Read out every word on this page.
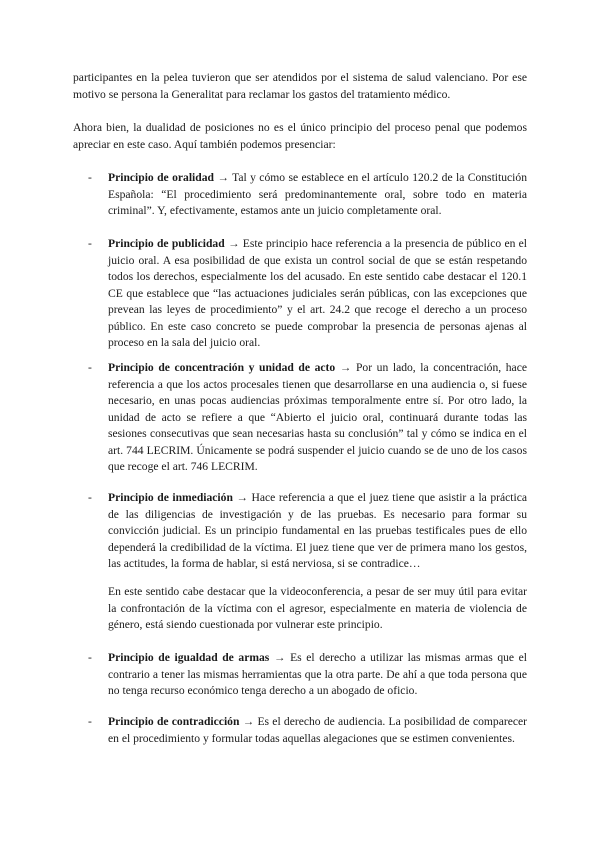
participantes en la pelea tuvieron que ser atendidos por el sistema de salud valenciano. Por ese motivo se persona la Generalitat para reclamar los gastos del tratamiento médico.

Ahora bien, la dualidad de posiciones no es el único principio del proceso penal que podemos apreciar en este caso. Aquí también podemos presenciar:

- Principio de oralidad → Tal y cómo se establece en el artículo 120.2 de la Constitución Española: “El procedimiento será predominantemente oral, sobre todo en materia criminal”. Y, efectivamente, estamos ante un juicio completamente oral.

- Principio de publicidad → Este principio hace referencia a la presencia de público en el juicio oral. A esa posibilidad de que exista un control social de que se están respetando todos los derechos, especialmente los del acusado. En este sentido cabe destacar el 120.1 CE que establece que “las actuaciones judiciales serán públicas, con las excepciones que prevean las leyes de procedimiento” y el art. 24.2 que recoge el derecho a un proceso público. En este caso concreto se puede comprobar la presencia de personas ajenas al proceso en la sala del juicio oral.

- Principio de concentración y unidad de acto → Por un lado, la concentración, hace referencia a que los actos procesales tienen que desarrollarse en una audiencia o, si fuese necesario, en unas pocas audiencias próximas temporalmente entre sí. Por otro lado, la unidad de acto se refiere a que “Abierto el juicio oral, continuará durante todas las sesiones consecutivas que sean necesarias hasta su conclusión” tal y cómo se indica en el art. 744 LECRIM. Únicamente se podrá suspender el juicio cuando se de uno de los casos que recoge el art. 746 LECRIM.

- Principio de inmediación → Hace referencia a que el juez tiene que asistir a la práctica de las diligencias de investigación y de las pruebas. Es necesario para formar su convicción judicial. Es un principio fundamental en las pruebas testificales pues de ello dependerá la credibilidad de la víctima. El juez tiene que ver de primera mano los gestos, las actitudes, la forma de hablar, si está nerviosa, si se contradice…

En este sentido cabe destacar que la videoconferencia, a pesar de ser muy útil para evitar la confrontación de la víctima con el agresor, especialmente en materia de violencia de género, está siendo cuestionada por vulnerar este principio.

- Principio de igualdad de armas → Es el derecho a utilizar las mismas armas que el contrario a tener las mismas herramientas que la otra parte. De ahí a que toda persona que no tenga recurso económico tenga derecho a un abogado de oficio.

- Principio de contradicción → Es el derecho de audiencia. La posibilidad de comparecer en el procedimiento y formular todas aquellas alegaciones que se estimen convenientes.
